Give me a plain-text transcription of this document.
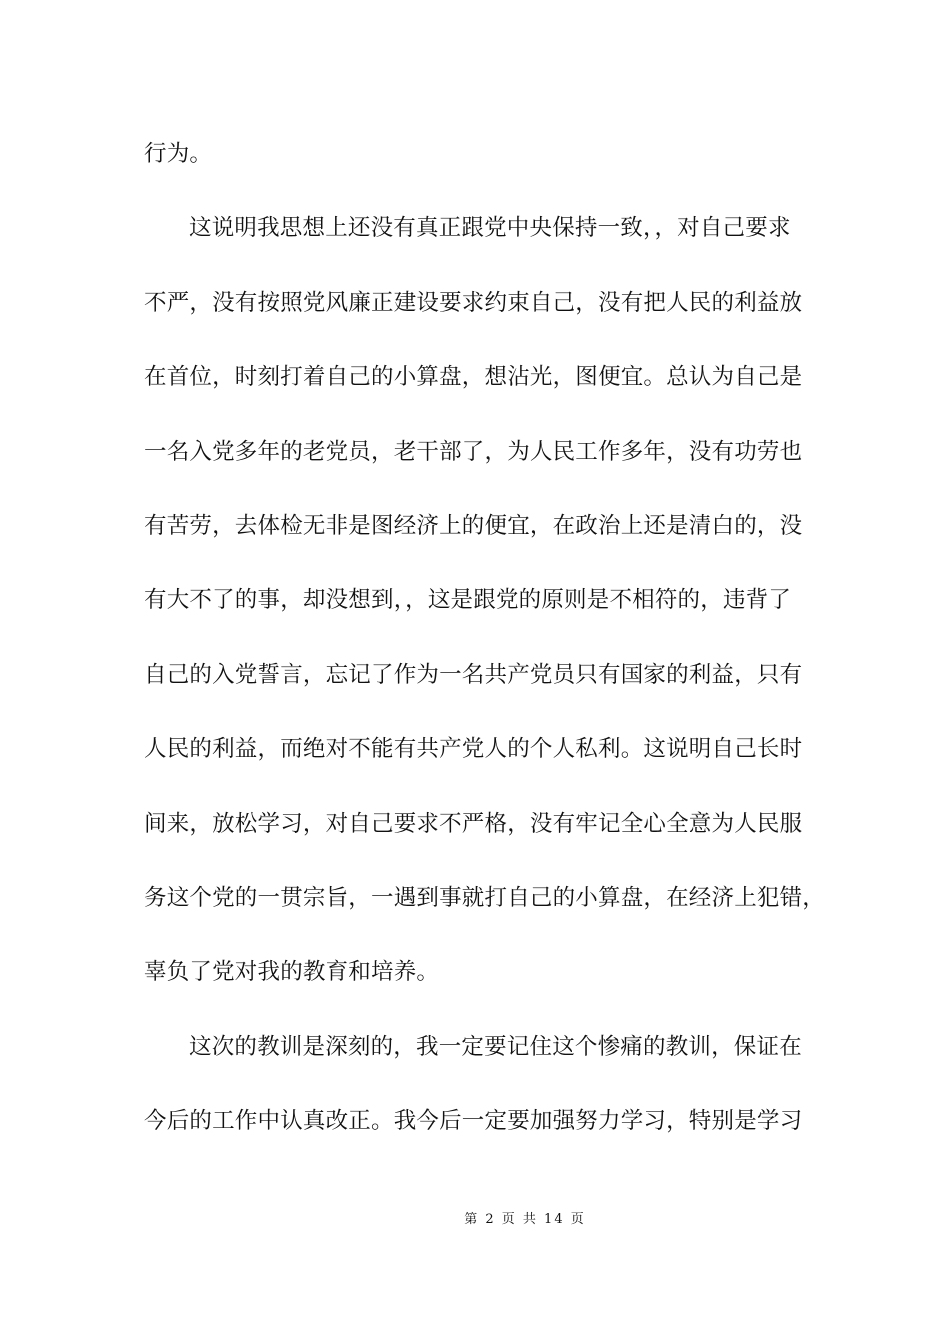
行为。
这说明我思想上还没有真正跟党中央保持一致，，对自己要求
不严，没有按照党风廉正建设要求约束自己，没有把人民的利益放
在首位，时刻打着自己的小算盘，想沾光，图便宜。总认为自己是
一名入党多年的老党员，老干部了，为人民工作多年，没有功劳也
有苦劳，去体检无非是图经济上的便宜，在政治上还是清白的，没
有大不了的事，却没想到，，这是跟党的原则是不相符的，违背了
自己的入党誓言，忘记了作为一名共产党员只有国家的利益，只有
人民的利益，而绝对不能有共产党人的个人私利。这说明自己长时
间来，放松学习，对自己要求不严格，没有牢记全心全意为人民服
务这个党的一贯宗旨，一遇到事就打自己的小算盘，在经济上犯错，
辜负了党对我的教育和培养。
这次的教训是深刻的，我一定要记住这个惨痛的教训，保证在
今后的工作中认真改正。我今后一定要加强努力学习，特别是学习
第 2 页 共 14 页
